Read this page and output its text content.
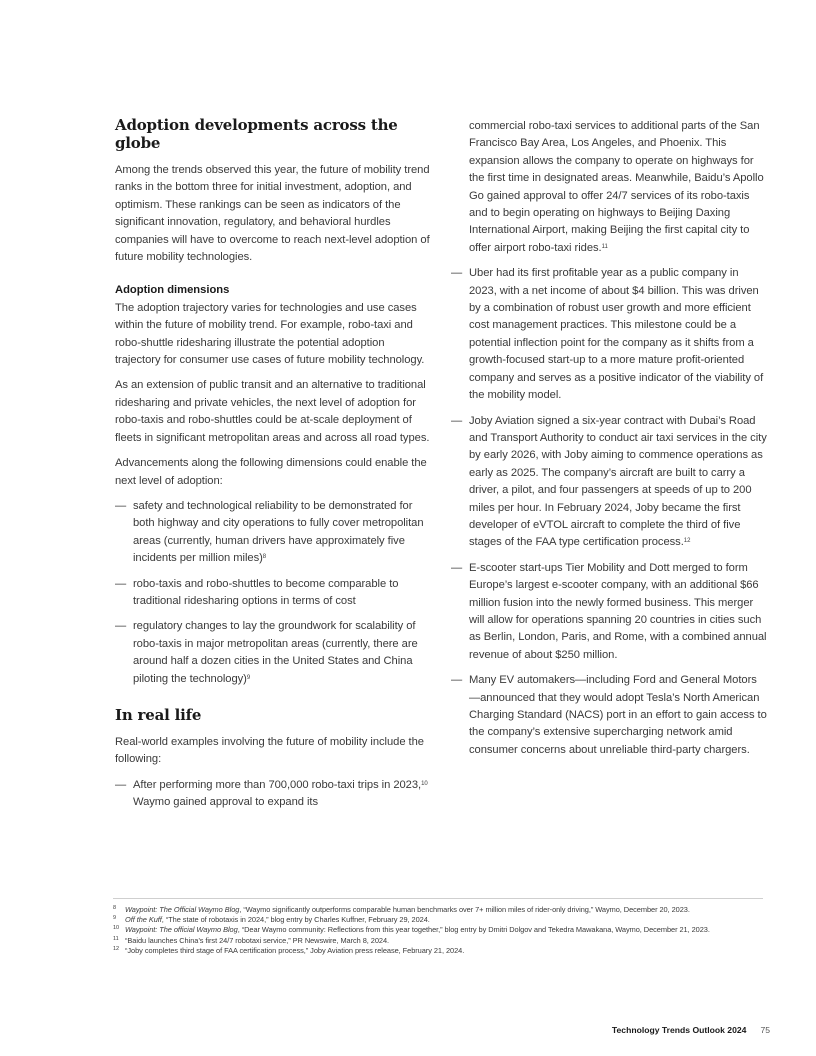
Adoption developments across the globe

Among the trends observed this year, the future of mobility trend ranks in the bottom three for initial investment, adoption, and optimism. These rankings can be seen as indicators of the significant innovation, regulatory, and behavioral hurdles companies will have to overcome to reach next-level adoption of future mobility technologies.

Adoption dimensions

The adoption trajectory varies for technologies and use cases within the future of mobility trend. For example, robo-taxi and robo-shuttle ridesharing illustrate the potential adoption trajectory for consumer use cases of future mobility technology.

As an extension of public transit and an alternative to traditional ridesharing and private vehicles, the next level of adoption for robo-taxis and robo-shuttles could be at-scale deployment of fleets in significant metropolitan areas and across all road types.

Advancements along the following dimensions could enable the next level of adoption:

— safety and technological reliability to be demonstrated for both highway and city operations to fully cover metropolitan areas (currently, human drivers have approximately five incidents per million miles)$^8$
— robo-taxis and robo-shuttles to become comparable to traditional ridesharing options in terms of cost
— regulatory changes to lay the groundwork for scalability of robo-taxis in major metropolitan areas (currently, there are around half a dozen cities in the United States and China piloting the technology)$^9$
In real life

Real-world examples involving the future of mobility include the following:

— After performing more than 700,000 robo-taxi trips in 2023,10 Waymo gained approval to expand its

commercial robo-taxi services to additional parts of the San Francisco Bay Area, Los Angeles, and Phoenix. This expansion allows the company to operate on highways for the first time in designated areas. Meanwhile, Baidu’s Apollo Go gained approval to offer 24/7 services of its robo-taxis and to begin operating on highways to Beijing Daxing International Airport, making Beijing the first capital city to offer airport robo-taxi rides.$^{11}$

— Uber had its first profitable year as a public company in 2023, with a net income of about $4 billion. This was driven by a combination of robust user growth and more efficient cost management practices. This milestone could be a potential inflection point for the company as it shifts from a growth-focused start-up to a more mature profit-oriented company and serves as a positive indicator of the viability of the mobility model.
— Joby Aviation signed a six-year contract with Dubai’s Road and Transport Authority to conduct air taxi services in the city by early 2026, with Joby aiming to commence operations as early as 2025. The company’s aircraft are built to carry a driver, a pilot, and four passengers at speeds of up to 200 miles per hour. In February 2024, Joby became the first developer of eVTOL aircraft to complete the third of five stages of the FAA type certification process.$^{12}$
— E-scooter start-ups Tier Mobility and Dott merged to form Europe’s largest e-scooter company, with an additional $66 million fusion into the newly formed business. This merger will allow for operations spanning 20 countries in cities such as Berlin, London, Paris, and Rome, with a combined annual revenue of about $250 million.
— Many EV automakers—including Ford and General Motors—announced that they would adopt Tesla’s North American Charging Standard (NACS) port in an effort to gain access to the company’s extensive supercharging network amid consumer concerns about unreliable third-party chargers.

8 Waypoint: The Official Waymo Blog, “Waymo significantly outperforms comparable human benchmarks over 7+ million miles of rider-only driving,” Waymo, December 20, 2023.

9 Off the Kuff, “The state of robotaxis in 2024,” blog entry by Charles Kuffner, February 29, 2024.

10 Waypoint: The official Waymo Blog, “Dear Waymo community: Reflections from this year together,” blog entry by Dmitri Dolgov and Tekedra Mawakana, Waymo, December 21, 2023.

11 “Baidu launches China’s first 24/7 robotaxi service,” PR Newswire, March 8, 2024.

12 “Joby completes third stage of FAA certification process,” Joby Aviation press release, February 21, 2024.

Technology Trends Outlook 2024 75
